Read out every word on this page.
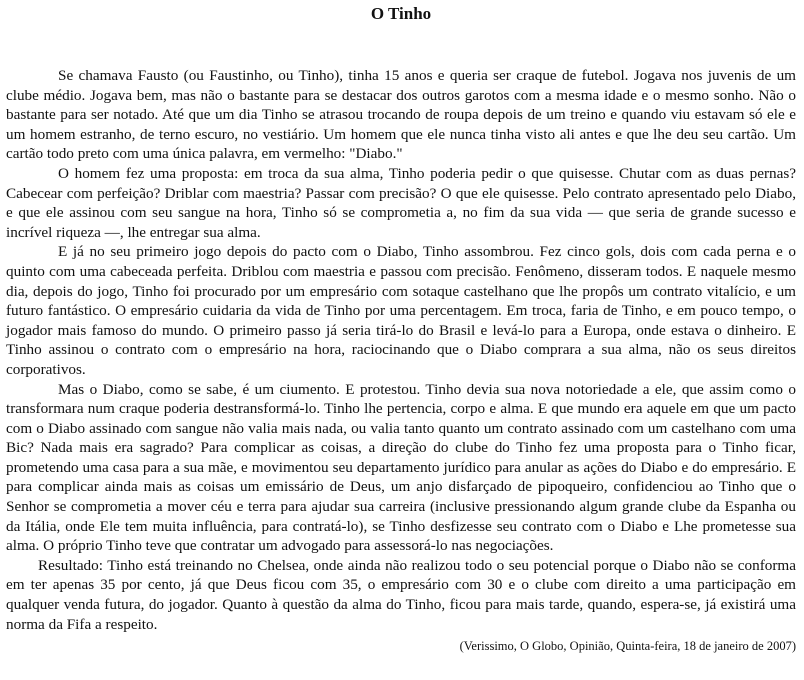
O Tinho

Se chamava Fausto (ou Faustinho, ou Tinho), tinha 15 anos e queria ser craque de futebol. Jogava nos juvenis de um clube médio. Jogava bem, mas não o bastante para se destacar dos outros garotos com a mesma idade e o mesmo sonho. Não o bastante para ser notado. Até que um dia Tinho se atrasou trocando de roupa depois de um treino e quando viu estavam só ele e um homem estranho, de terno escuro, no vestiário. Um homem que ele nunca tinha visto ali antes e que lhe deu seu cartão. Um cartão todo preto com uma única palavra, em vermelho: "Diabo."

O homem fez uma proposta: em troca da sua alma, Tinho poderia pedir o que quisesse. Chutar com as duas pernas? Cabecear com perfeição? Driblar com maestria? Passar com precisão? O que ele quisesse. Pelo contrato apresentado pelo Diabo, e que ele assinou com seu sangue na hora, Tinho só se comprometia a, no fim da sua vida — que seria de grande sucesso e incrível riqueza —, lhe entregar sua alma.

E já no seu primeiro jogo depois do pacto com o Diabo, Tinho assombrou. Fez cinco gols, dois com cada perna e o quinto com uma cabeceada perfeita. Driblou com maestria e passou com precisão. Fenômeno, disseram todos. E naquele mesmo dia, depois do jogo, Tinho foi procurado por um empresário com sotaque castelhano que lhe propôs um contrato vitalício, e um futuro fantástico. O empresário cuidaria da vida de Tinho por uma percentagem. Em troca, faria de Tinho, e em pouco tempo, o jogador mais famoso do mundo. O primeiro passo já seria tirá-lo do Brasil e levá-lo para a Europa, onde estava o dinheiro. E Tinho assinou o contrato com o empresário na hora, raciocinando que o Diabo comprara a sua alma, não os seus direitos corporativos.

Mas o Diabo, como se sabe, é um ciumento. E protestou. Tinho devia sua nova notoriedade a ele, que assim como o transformara num craque poderia destransformá-lo. Tinho lhe pertencia, corpo e alma. E que mundo era aquele em que um pacto com o Diabo assinado com sangue não valia mais nada, ou valia tanto quanto um contrato assinado com um castelhano com uma Bic? Nada mais era sagrado? Para complicar as coisas, a direção do clube do Tinho fez uma proposta para o Tinho ficar, prometendo uma casa para a sua mãe, e movimentou seu departamento jurídico para anular as ações do Diabo e do empresário. E para complicar ainda mais as coisas um emissário de Deus, um anjo disfarçado de pipoqueiro, confidenciou ao Tinho que o Senhor se comprometia a mover céu e terra para ajudar sua carreira (inclusive pressionando algum grande clube da Espanha ou da Itália, onde Ele tem muita influência, para contratá-lo), se Tinho desfizesse seu contrato com o Diabo e Lhe prometesse sua alma. O próprio Tinho teve que contratar um advogado para assessorá-lo nas negociações.

Resultado: Tinho está treinando no Chelsea, onde ainda não realizou todo o seu potencial porque o Diabo não se conforma em ter apenas 35 por cento, já que Deus ficou com 35, o empresário com 30 e o clube com direito a uma participação em qualquer venda futura, do jogador. Quanto à questão da alma do Tinho, ficou para mais tarde, quando, espera-se, já existirá uma norma da Fifa a respeito.

(Verissimo, O Globo, Opinião, Quinta-feira, 18 de janeiro de 2007)
